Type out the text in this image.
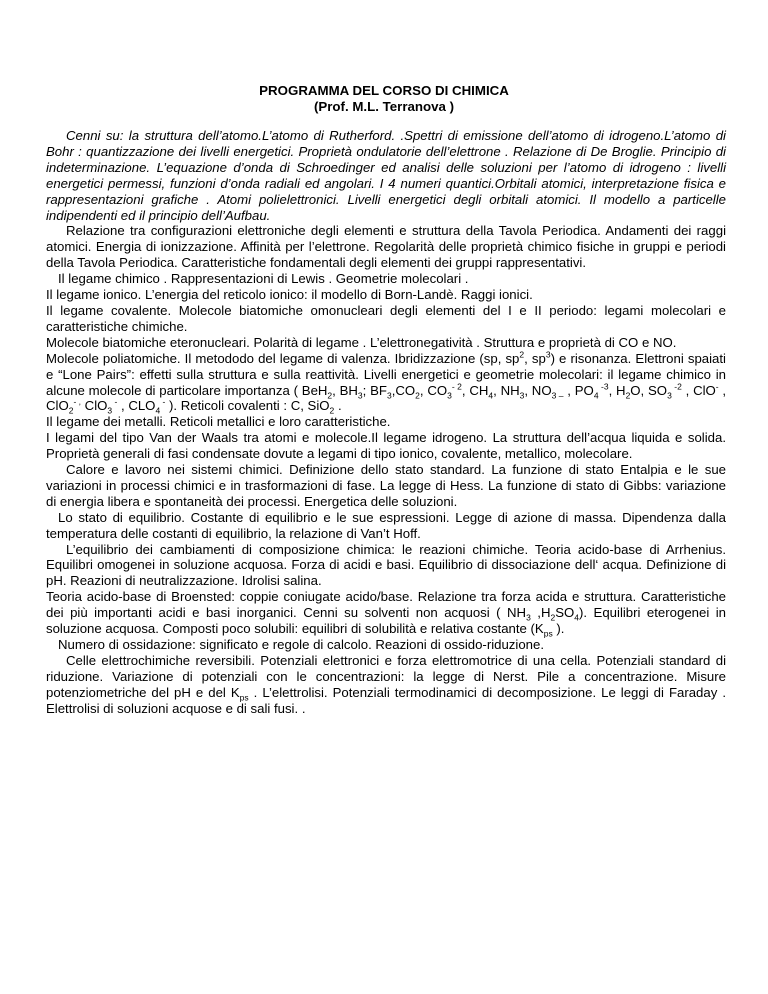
PROGRAMMA DEL CORSO DI CHIMICA
(Prof. M.L. Terranova )

Cenni su: la struttura dell’atomo.L’atomo di Rutherford. .Spettri di emissione dell’atomo di idrogeno.L’atomo di Bohr : quantizzazione dei livelli energetici. Proprietà ondulatorie dell’elettrone . Relazione di De Broglie. Principio di indeterminazione. L’equazione d’onda di Schroedinger ed analisi delle soluzioni per l’atomo di idrogeno : livelli energetici permessi, funzioni d’onda radiali ed angolari. I 4 numeri quantici.Orbitali atomici, interpretazione fisica e rappresentazioni grafiche . Atomi polielettronici. Livelli energetici degli orbitali atomici. Il modello a particelle indipendenti ed il principio dell’Aufbau.

Relazione tra configurazioni elettroniche degli elementi e struttura della Tavola Periodica. Andamenti dei raggi atomici. Energia di ionizzazione. Affinità per l’elettrone. Regolarità delle proprietà chimico fisiche in gruppi e periodi della Tavola Periodica. Caratteristiche fondamentali degli elementi dei gruppi rappresentativi.

Il legame chimico . Rappresentazioni di Lewis . Geometrie molecolari .

Il legame ionico. L’energia del reticolo ionico: il modello di Born-Landè. Raggi ionici.

Il legame covalente. Molecole biatomiche omonucleari degli elementi del I e II periodo: legami molecolari e caratteristiche chimiche.

Molecole biatomiche eteronucleari. Polarità di legame . L’elettronegatività . Struttura e proprietà di CO e NO.

Molecole poliatomiche. Il metododo del legame di valenza. Ibridizzazione (sp, $sp^2$, $sp^3$) e risonanza. Elettroni spaiati e “Lone Pairs”: effetti sulla struttura e sulla reattività. Livelli energetici e geometrie molecolari: il legame chimico in alcune molecole di particolare importanza ( BeH$_2$, $BH_3$; $BF_3,CO_2$, $CO_3^{- 2}$, $CH_4$, $NH_3$, $NO_{3 -}$ , $PO_4$ $^{-3}$, $H_2O$, $SO_3$ $^{-2}$ , ClO- , ClO$_2$- , ClO$_3$ - , $CLO_4$ - ). Reticoli covalenti : C, SiO$_2$ .

Il legame dei metalli. Reticoli metallici e loro caratteristiche.

I legami del tipo Van der Waals tra atomi e molecole.Il legame idrogeno. La struttura dell’acqua liquida e solida. Proprietà generali di fasi condensate dovute a legami di tipo ionico, covalente, metallico, molecolare.

Calore e lavoro nei sistemi chimici. Definizione dello stato standard. La funzione di stato Entalpia e le sue variazioni in processi chimici e in trasformazioni di fase. La legge di Hess. La funzione di stato di Gibbs: variazione di energia libera e spontaneità dei processi. Energetica delle soluzioni.

Lo stato di equilibrio. Costante di equilibrio e le sue espressioni. Legge di azione di massa. Dipendenza dalla temperatura delle costanti di equilibrio, la relazione di Van’t Hoff.

L’equilibrio dei cambiamenti di composizione chimica: le reazioni chimiche. Teoria acido-base di Arrhenius. Equilibri omogenei in soluzione acquosa. Forza di acidi e basi. Equilibrio di dissociazione dell‘ acqua. Definizione di pH. Reazioni di neutralizzazione. Idrolisi salina.

Teoria acido-base di Broensted: coppie coniugate acido/base. Relazione tra forza acida e struttura. Caratteristiche dei più importanti acidi e basi inorganici. Cenni su solventi non acquosi ( $NH_3$ $,H_2SO_4$). Equilibri eterogenei in soluzione acquosa. Composti poco solubili: equilibri di solubilità e relativa costante ($K_{ps}$ ).

Numero di ossidazione: significato e regole di calcolo. Reazioni di ossido-riduzione.

Celle elettrochimiche reversibili. Potenziali elettronici e forza elettromotrice di una cella. Potenziali standard di riduzione. Variazione di potenziali con le concentrazioni: la legge di Nerst. Pile a concentrazione. Misure potenziometriche del pH e del $K_{ps}$ . L’elettrolisi. Potenziali termodinamici di decomposizione. Le leggi di Faraday . Elettrolisi di soluzioni acquose e di sali fusi. .
